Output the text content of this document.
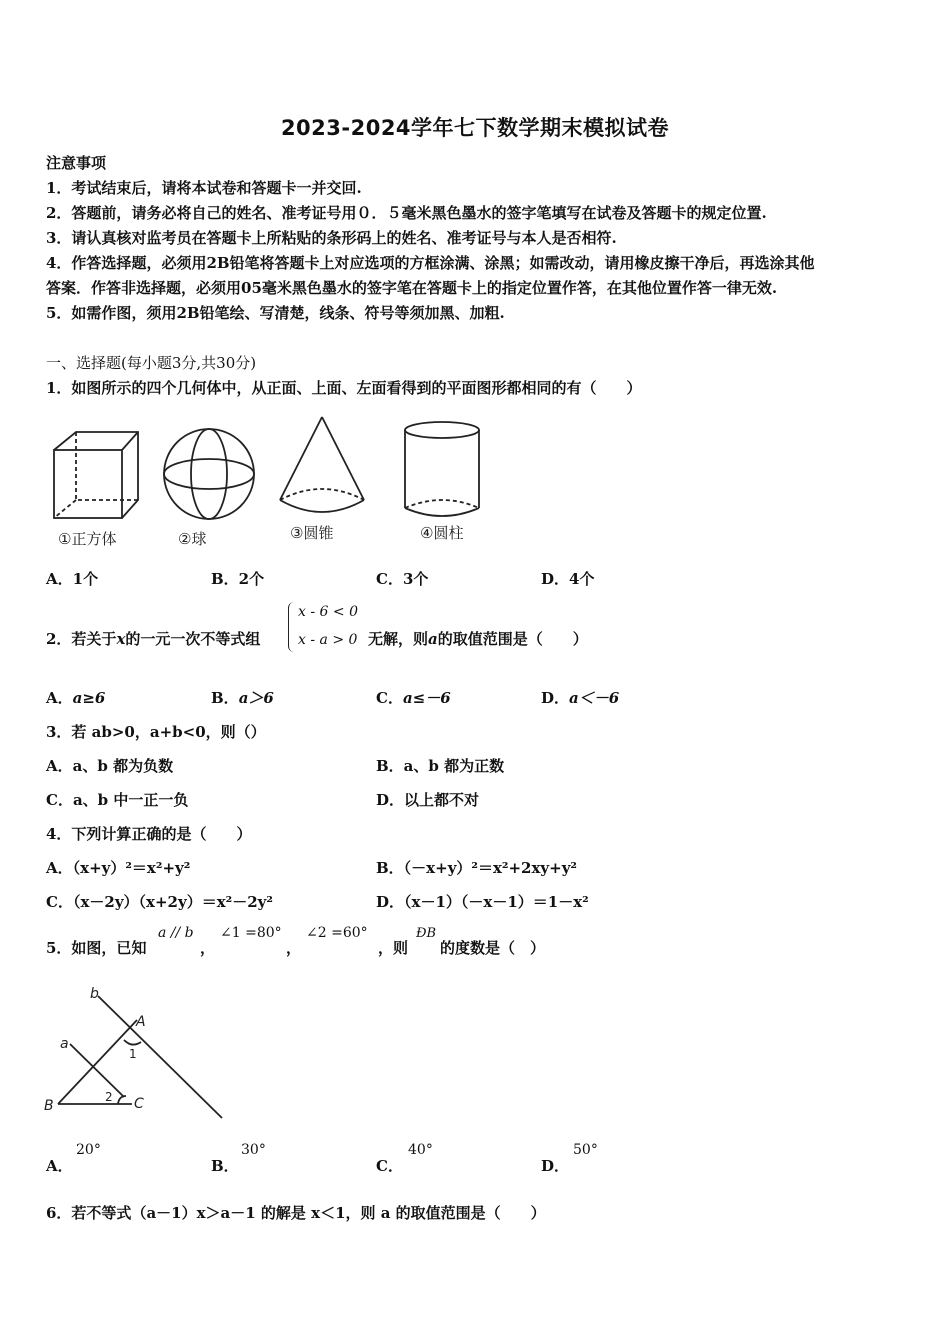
2023-2024学年七下数学期末模拟试卷
注意事项
1．考试结束后，请将本试卷和答题卡一并交回.
2．答题前，请务必将自己的姓名、准考证号用０．５毫米黑色墨水的签字笔填写在试卷及答题卡的规定位置.
3．请认真核对监考员在答题卡上所粘贴的条形码上的姓名、准考证号与本人是否相符.
4．作答选择题，必须用2B铅笔将答题卡上对应选项的方框涂满、涂黑；如需改动，请用橡皮擦干净后，再选涂其他
答案．作答非选择题，必须用05毫米黑色墨水的签字笔在答题卡上的指定位置作答，在其他位置作答一律无效.
5．如需作图，须用2B铅笔绘、写清楚，线条、符号等须加黑、加粗.
一、选择题(每小题3分,共30分)
1．如图所示的四个几何体中，从正面、上面、左面看得到的平面图形都相同的有（　　）
①正方体	②球	③圆锥	④圆柱
A．1个	B．2个	C．3个	D．4个
2．若关于x的一元一次不等式组
x - 6 < 0
x - a > 0 无解，则a的取值范围是（　　）
A．a≥6	B．a＞6	C．a≤－6	D．a＜－6
3．若 ab>0，a+b<0，则（）
A．a、b 都为负数	B．a、b 都为正数
C．a、b 中一正一负	D．以上都不对
4．下列计算正确的是（　　）
A．（x+y）²＝x²+y²	B．（－x+y）²＝x²+2xy+y²
C．（x－2y）（x+2y）＝x²－2y²	D．（x－1）（－x－1）＝1－x²
5．如图，已知
a // b
，
∠1 =80°
，
∠2 =60°
，则
ÐB
的度数是（　）
b
a
A
1
2
B	C
A．
20°
B．
30°
C．
40°
D．
50°
6．若不等式（a－1）x＞a－1 的解是 x＜1，则 a 的取值范围是（　　）
